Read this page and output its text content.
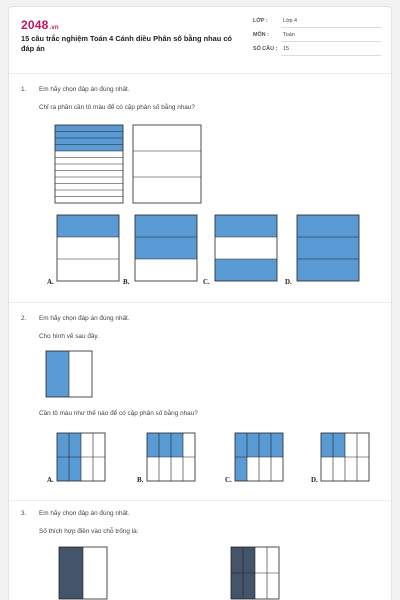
2048.vn
15 câu trắc nghiệm Toán 4 Cánh diều Phân số bằng nhau có đáp án
LỚP :	Lớp 4
MÔN :	Toán
SỐ CÂU : 15
1. Em hãy chọn đáp án đúng nhất.
Chỉ ra phần cần tô màu để có cặp phân số bằng nhau?
A.	B.	C.	D.
2. Em hãy chọn đáp án đúng nhất.
Cho hình vẽ sau đây.
Cần tô màu như thế nào để có cặp phân số bằng nhau?
A.	B.	C.	D.
3. Em hãy chọn đáp án đúng nhất.
Số thích hợp điền vào chỗ trống là:
